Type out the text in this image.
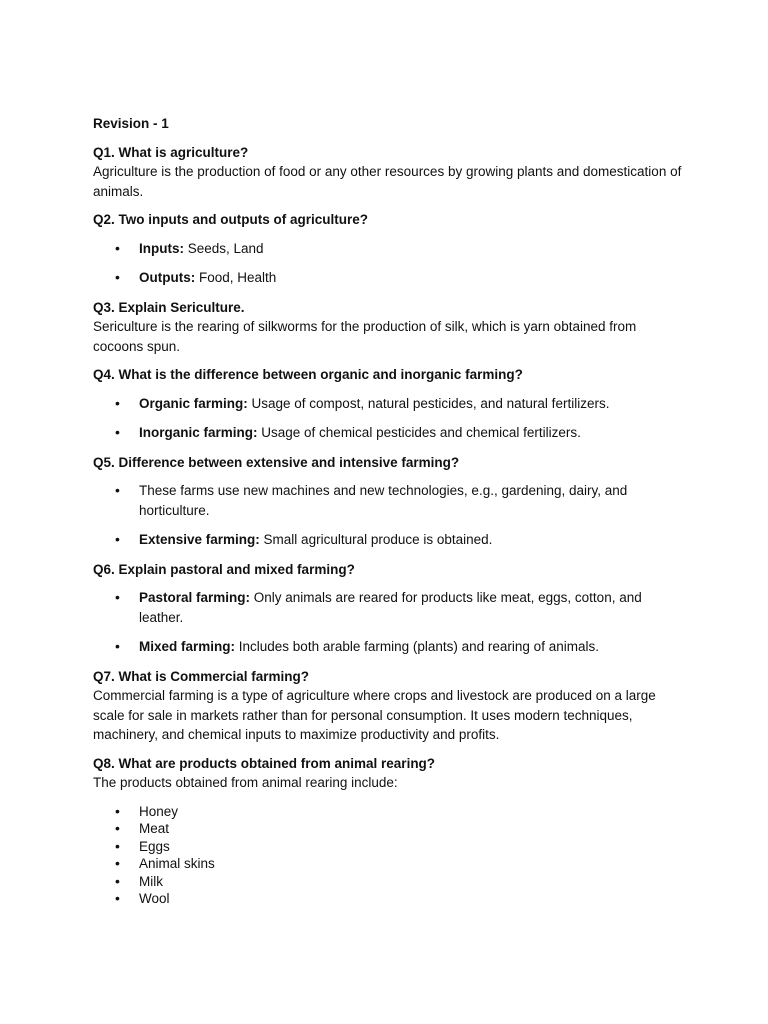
Revision - 1

Q1. What is agriculture?

Agriculture is the production of food or any other resources by growing plants and domestication of animals.

Q2. Two inputs and outputs of agriculture?

• Inputs: Seeds, Land
• Outputs: Food, Health

Q3. Explain Sericulture.

Sericulture is the rearing of silkworms for the production of silk, which is yarn obtained from cocoons spun.

Q4. What is the difference between organic and inorganic farming?

• Organic farming: Usage of compost, natural pesticides, and natural fertilizers.
• Inorganic farming: Usage of chemical pesticides and chemical fertilizers.

Q5. Difference between extensive and intensive farming?

• These farms use new machines and new technologies, e.g., gardening, dairy, and horticulture.
• Extensive farming: Small agricultural produce is obtained.

Q6. Explain pastoral and mixed farming?

• Pastoral farming: Only animals are reared for products like meat, eggs, cotton, and leather.
• Mixed farming: Includes both arable farming (plants) and rearing of animals.

Q7. What is Commercial farming?

Commercial farming is a type of agriculture where crops and livestock are produced on a large scale for sale in markets rather than for personal consumption. It uses modern techniques, machinery, and chemical inputs to maximize productivity and profits.

Q8. What are products obtained from animal rearing?

The products obtained from animal rearing include:

• Honey
• Meat
• Eggs
• Animal skins
• Milk
• Wool
